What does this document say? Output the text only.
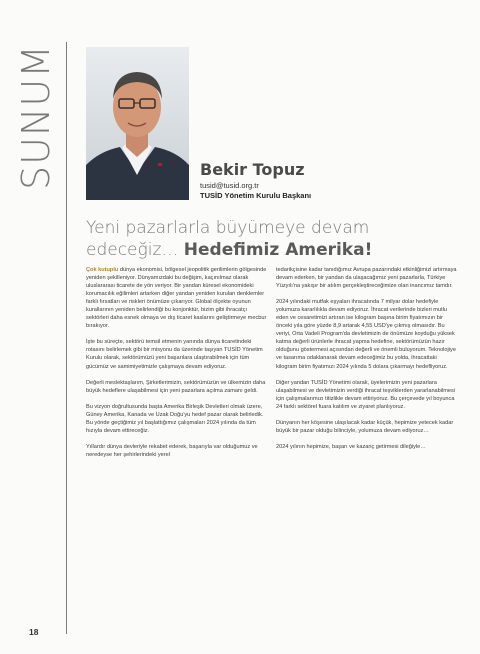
SUNUM	Bekir Topuz
tusid@tusid.org.tr
TUSİD Yönetim Kurulu Başkanı
Yeni pazarlarla büyümeye devam edeceğiz… Hedefimiz Amerika!

Çok kutuplu dünya ekonomisi, bölgesel jeopolitik gerilimlerin gölgesinde yeniden şekilleniyor. Dünyamızdaki bu değişim, kaçınılmaz olarak uluslararası ticarete de yön veriyor. Bir yandan küresel ekonomideki korumacılık eğilimleri artarken diğer yandan yeniden kurulan denklemler farklı fırsatları ve riskleri önümüze çıkarıyor. Global ölçekte oyunun kurallarının yeniden belirlendiği bu konjonktür, bizim gibi ihracatçı sektörleri daha esnek olmaya ve dış ticaret kaslarını geliştirmeye mecbur bırakıyor.

İşte bu süreçte, sektörü temsil etmenin yanında dünya ticaretindeki rotasını belirlemek gibi bir misyonu da üzerinde taşıyan TUSİD Yönetim Kurulu olarak, sektörümüzü yeni başarılara ulaştırabilmek için tüm gücümüz ve samimiyetimizle çalışmaya devam ediyoruz.

Değerli meslektaşlarım, Şirketlerimizin, sektörümüzün ve ülkemizin daha büyük hedeflere ulaşabilmesi için yeni pazarlara açılma zamanı geldi.

Bu vizyon doğrultusunda başta Amerika Birleşik Devletleri olmak üzere, Güney Amerika, Kanada ve Uzak Doğu'yu hedef pazar olarak belirledik. Bu yönde geçtiğimiz yıl başlattığımız çalışmaları 2024 yılında da tüm hızıyla devam ettireceğiz.

Yıllardır dünya devleriyle rekabet ederek, başarıyla var olduğumuz ve neredeyse her şehirlerindeki yerel

tedarikçisine kadar tanıdığımız Avrupa pazarındaki etkinliğimizi artırmaya devam ederken, bir yandan da ulaşacağımız yeni pazarlarla, Türkiye Yüzyılı'na yakışır bir atılım gerçekleştireceğimize olan inancımız tamdır.

2024 yılındaki mutfak eşyaları ihracatında 7 milyar dolar hedefiyle yolumuza kararlılıkla devam ediyoruz. İhracat verilerinde bizleri mutlu eden ve cesaretimizi artıran ise kilogram başına birim fiyatımızın bir önceki yıla göre yüzde 8,9 artarak 4,55 USD'ye çıkmış olmasıdır. Bu veriyi, Orta Vadeli Program'da devletimizin de önümüze koyduğu yüksek katma değerli ürünlerle ihracat yapma hedefine, sektörümüzün hazır olduğunu göstermesi açısından değerli ve önemli buluyorum. Teknolojiye ve tasarıma odaklanarak devam edeceğimiz bu yolda, ihracattaki kilogram birim fiyatımızı 2024 yılında 5 dolara çıkarmayı hedefliyoruz.

Diğer yandan TUSİD Yönetimi olarak, üyelerimizin yeni pazarlara ulaşabilmesi ve devletimizin verdiği ihracat teşviklerden yararlanabilmesi için çalışmalarımızı titizlikle devam ettiriyoruz. Bu çerçevede yıl boyunca 24 farklı sektörel fuara katılım ve ziyaret planlıyoruz.

Dünyanın her köşesine ulaşılacak kadar küçük, hepimize yetecek kadar büyük bir pazar olduğu bilinciyle, yolumuza devam ediyoruz…

2024 yılının hepimize, başarı ve kazanç getirmesi dileğiyle…

18
